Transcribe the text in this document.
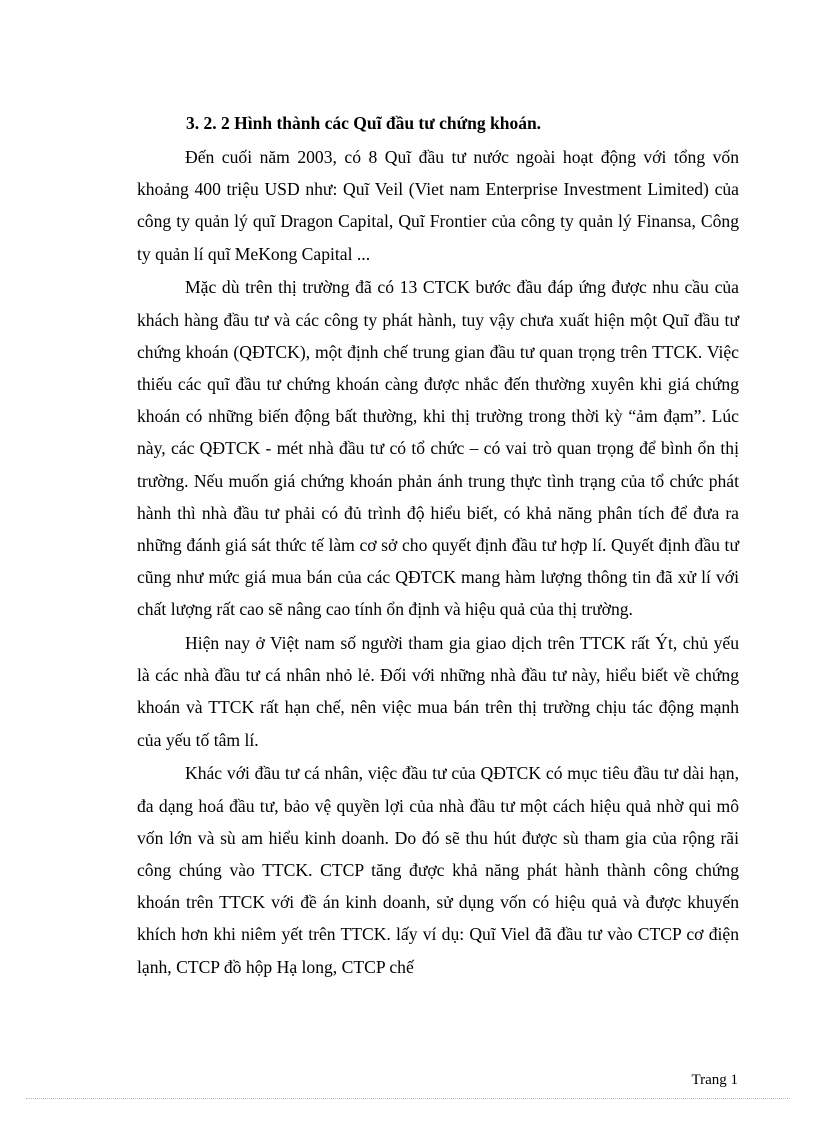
3. 2. 2 Hình thành các Quĩ đầu tư chứng khoán.

Đến cuối năm 2003, có 8 Quĩ đầu tư nước ngoài hoạt động với tổng vốn khoảng 400 triệu USD như: Quĩ Veil (Viet nam Enterprise Investment Limited) của công ty quản lý quĩ Dragon Capital, Quĩ Frontier của công ty quản lý Finansa, Công ty quản lí quĩ MeKong Capital ...

Mặc dù trên thị trường đã có 13 CTCK bước đầu đáp ứng được nhu cầu của khách hàng đầu tư và các công ty phát hành, tuy vậy chưa xuất hiện một Quĩ đầu tư chứng khoán (QĐTCK), một định chế trung gian đầu tư quan trọng trên TTCK. Việc thiếu các quĩ đầu tư chứng khoán càng được nhắc đến thường xuyên khi giá chứng khoán có những biến động bất thường, khi thị trường trong thời kỳ “ảm đạm”. Lúc này, các QĐTCK - mét nhà đầu tư có tổ chức – có vai trò quan trọng để bình ổn thị trường. Nếu muốn giá chứng khoán phản ánh trung thực tình trạng của tổ chức phát hành thì nhà đầu tư phải có đủ trình độ hiểu biết, có khả năng phân tích để đưa ra những đánh giá sát thức tế làm cơ sở cho quyết định đầu tư hợp lí. Quyết định đầu tư cũng như mức giá mua bán của các QĐTCK mang hàm lượng thông tin đã xử lí với chất lượng rất cao sẽ nâng cao tính ổn định và hiệu quả của thị trường.

Hiện nay ở Việt nam số người tham gia giao dịch trên TTCK rất Ýt, chủ yếu là các nhà đầu tư cá nhân nhỏ lẻ. Đối với những nhà đầu tư này, hiểu biết về chứng khoán và TTCK rất hạn chế, nên việc mua bán trên thị trường chịu tác động mạnh của yếu tố tâm lí.

Khác với đầu tư cá nhân, việc đầu tư của QĐTCK có mục tiêu đầu tư dài hạn, đa dạng hoá đầu tư, bảo vệ quyền lợi của nhà đầu tư một cách hiệu quả nhờ qui mô vốn lớn và sù am hiểu kinh doanh. Do đó sẽ thu hút được sù tham gia của rộng rãi công chúng vào TTCK. CTCP tăng được khả năng phát hành thành công chứng khoán trên TTCK với đề án kinh doanh, sử dụng vốn có hiệu quả và được khuyến khích hơn khi niêm yết trên TTCK. lấy ví dụ: Quĩ Viel đã đầu tư vào CTCP cơ điện lạnh, CTCP đồ hộp Hạ long, CTCP chế

Trang 1
